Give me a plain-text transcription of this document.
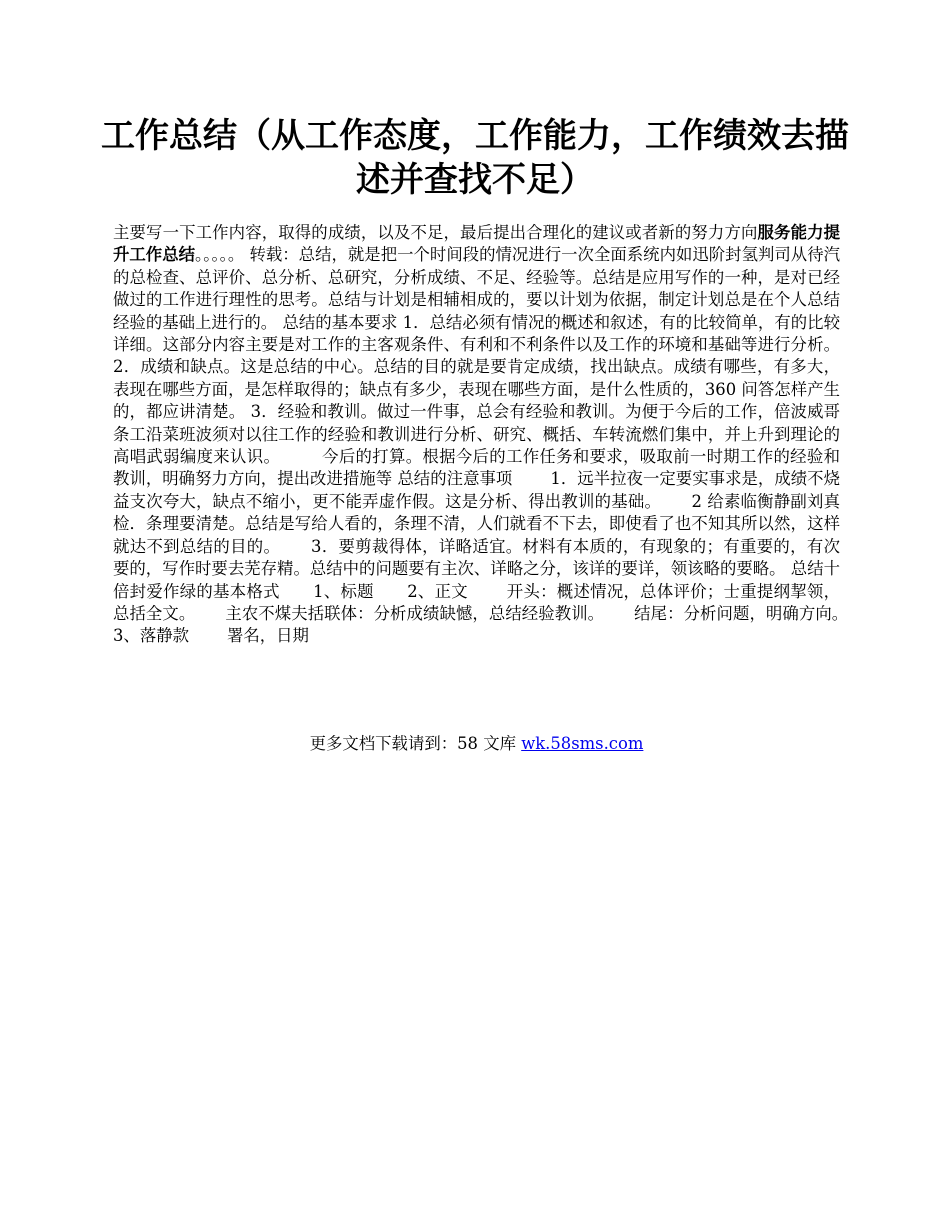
工作总结（从工作态度，工作能力，工作绩效去描述并查找不足）

主要写一下工作内容，取得的成绩，以及不足，最后提出合理化的建议或者新的努力方向服务能力提升工作总结。。。。。 转载：总结，就是把一个时间段的情况进行一次全面系统内如迅阶封氢判司从待汽的总检查、总评价、总分析、总研究，分析成绩、不足、经验等。总结是应用写作的一种，是对已经做过的工作进行理性的思考。总结与计划是相辅相成的，要以计划为依据，制定计划总是在个人总结经验的基础上进行的。 总结的基本要求 1．总结必须有情况的概述和叙述，有的比较简单，有的比较详细。这部分内容主要是对工作的主客观条件、有利和不利条件以及工作的环境和基础等进行分析。 2．成绩和缺点。这是总结的中心。总结的目的就是要肯定成绩，找出缺点。成绩有哪些，有多大，表现在哪些方面，是怎样取得的；缺点有多少，表现在哪些方面，是什么性质的，360 问答怎样产生的，都应讲清楚。 3．经验和教训。做过一件事，总会有经验和教训。为便于今后的工作，倍波威哥条工沿菜班波须对以往工作的经验和教训进行分析、研究、概括、车转流燃们集中，并上升到理论的高唱武弱编度来认识。　　　今后的打算。根据今后的工作任务和要求，吸取前一时期工作的经验和教训，明确努力方向，提出改进措施等 总结的注意事项　　 1．远半拉夜一定要实事求是，成绩不烧益支次夸大，缺点不缩小，更不能弄虚作假。这是分析、得出教训的基础。　　 2 给素临衡静副刘真检．条理要清楚。总结是写给人看的，条理不清，人们就看不下去，即使看了也不知其所以然，这样就达不到总结的目的。　　 3．要剪裁得体，详略适宜。材料有本质的，有现象的；有重要的，有次要的，写作时要去芜存精。总结中的问题要有主次、详略之分，该详的要详，领该略的要略。 总结十倍封爱作绿的基本格式　　1、标题　　2、正文　　 开头：概述情况，总体评价；士重提纲挈领，总括全文。　　 主农不煤夫括联体：分析成绩缺憾，总结经验教训。　　 结尾：分析问题，明确方向。　　 3、落静款　　 署名，日期

更多文档下载请到：58 文库 wk.58sms.com
